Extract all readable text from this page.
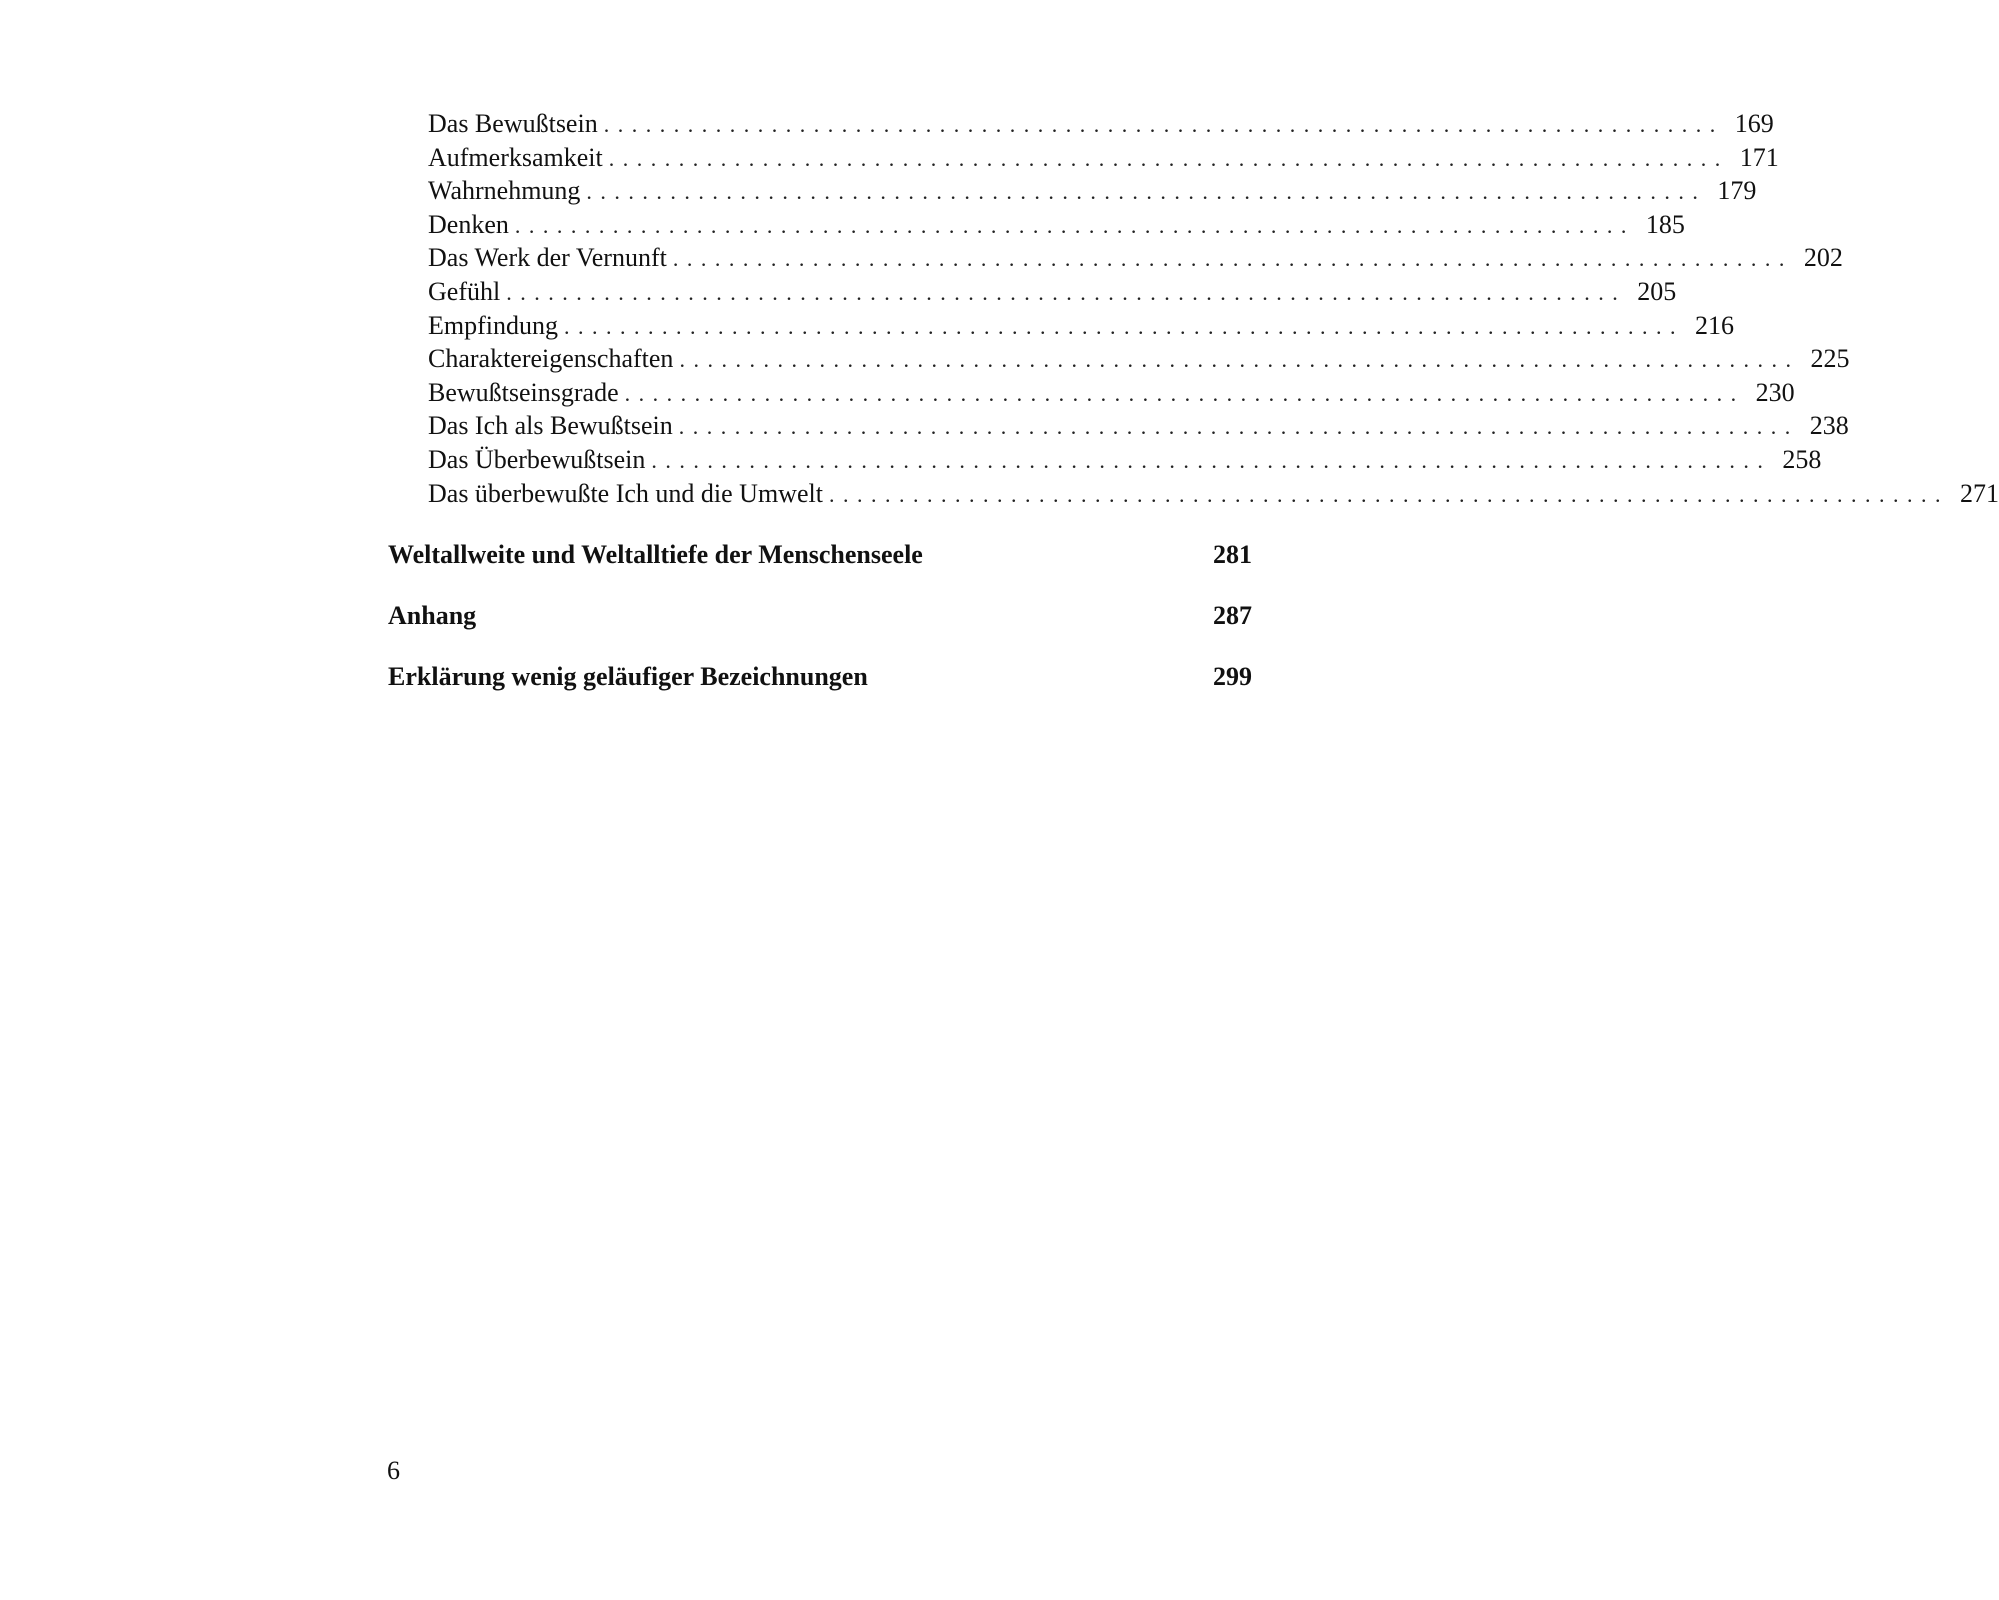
Das Bewußtsein ................................................................................ 169
Aufmerksamkeit ................................................................................ 171
Wahrnehmung ................................................................................ 179
Denken ................................................................................ 185
Das Werk der Vernunft ................................................................................ 202
Gefühl ................................................................................ 205
Empfindung ................................................................................ 216
Charaktereigenschaften ................................................................................ 225
Bewußtseinsgrade ................................................................................ 230
Das Ich als Bewußtsein ................................................................................ 238
Das Überbewußtsein ................................................................................ 258
Das überbewußte Ich und die Umwelt ................................................................................ 271
Weltallweite und Weltalltiefe der Menschenseele	281
Anhang	287
Erklärung wenig geläufiger Bezeichnungen	299
6
